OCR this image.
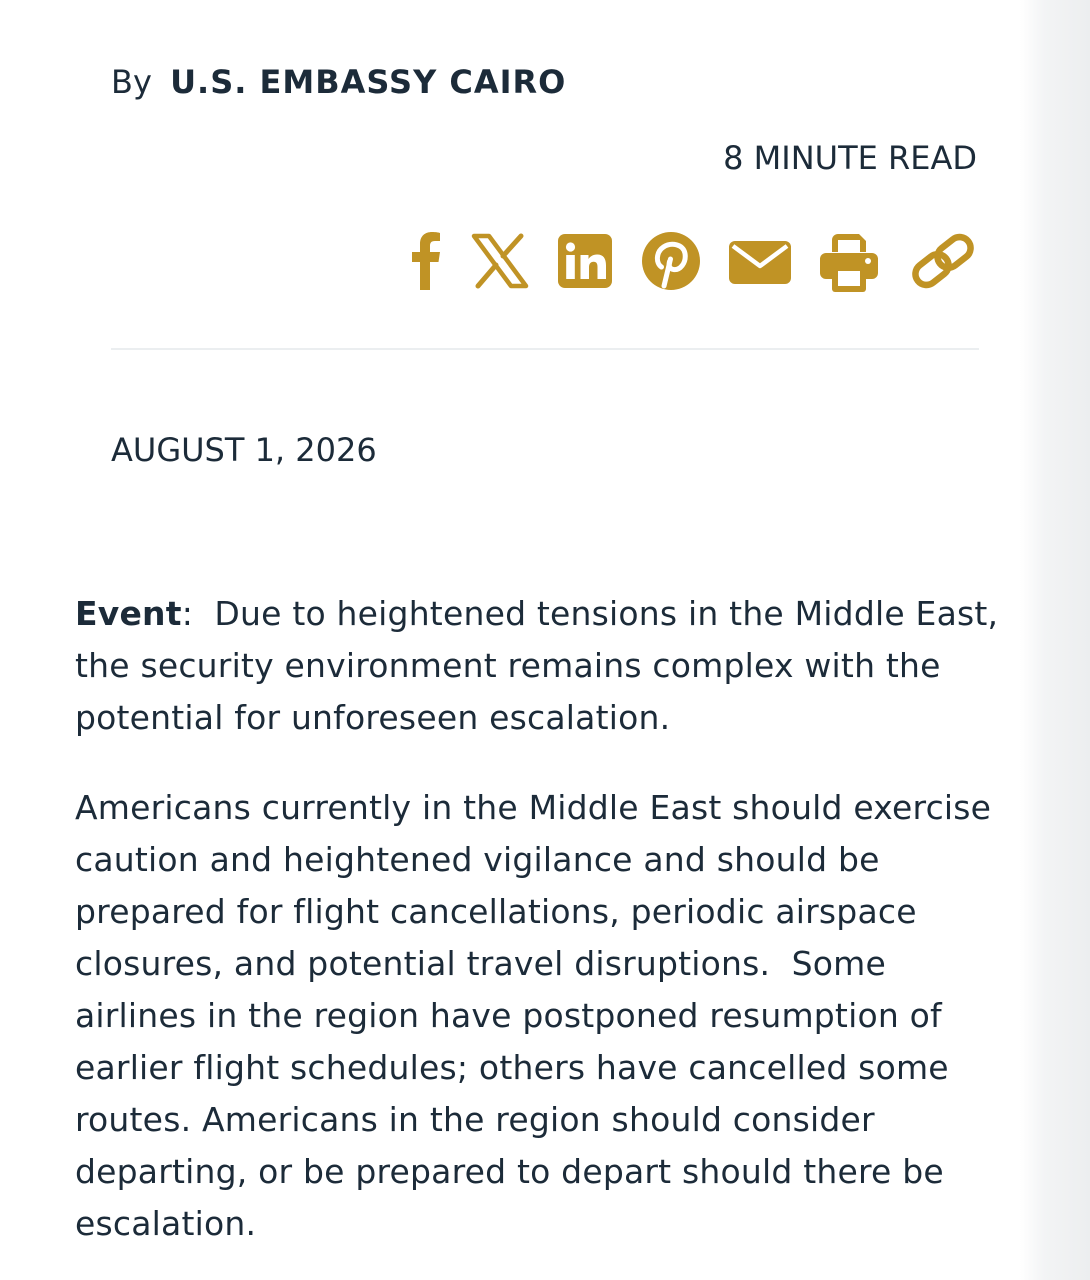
By U.S. EMBASSY CAIRO
8 MINUTE READ
AUGUST 1, 2026

Event: Due to heightened tensions in the Middle East, the security environment remains complex with the potential for unforeseen escalation.

Americans currently in the Middle East should exercise caution and heightened vigilance and should be prepared for flight cancellations, periodic airspace closures, and potential travel disruptions.  Some airlines in the region have postponed resumption of earlier flight schedules; others have cancelled some routes. Americans in the region should consider departing, or be prepared to depart should there be escalation.
